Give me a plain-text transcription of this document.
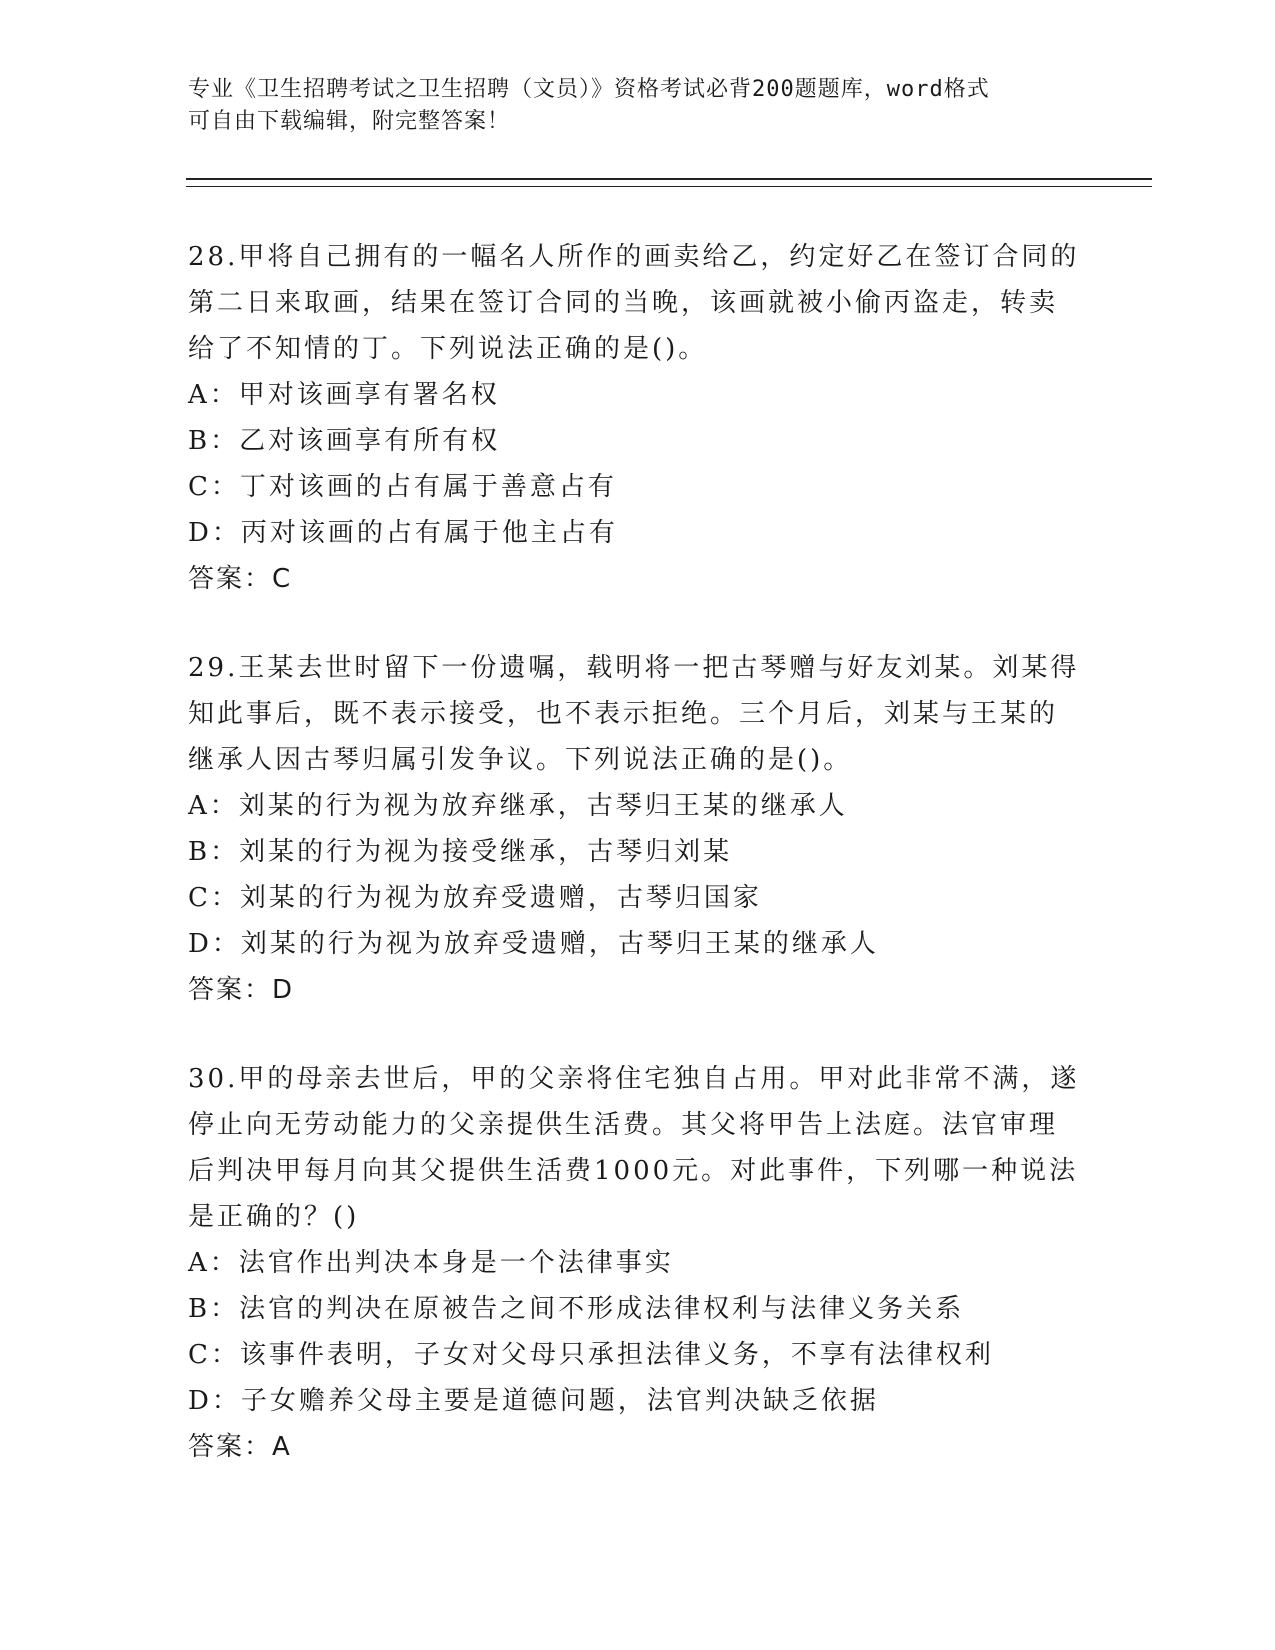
专业《卫生招聘考试之卫生招聘（文员）》资格考试必背200题题库，word格式
可自由下载编辑，附完整答案！

28.甲将自己拥有的一幅名人所作的画卖给乙，约定好乙在签订合同的

第二日来取画，结果在签订合同的当晚，该画就被小偷丙盗走，转卖

给了不知情的丁。下列说法正确的是()。

A：甲对该画享有署名权

B：乙对该画享有所有权

C：丁对该画的占有属于善意占有

D：丙对该画的占有属于他主占有

答案：C

29.王某去世时留下一份遗嘱，载明将一把古琴赠与好友刘某。刘某得

知此事后，既不表示接受，也不表示拒绝。三个月后，刘某与王某的

继承人因古琴归属引发争议。下列说法正确的是()。

A：刘某的行为视为放弃继承，古琴归王某的继承人

B：刘某的行为视为接受继承，古琴归刘某

C：刘某的行为视为放弃受遗赠，古琴归国家

D：刘某的行为视为放弃受遗赠，古琴归王某的继承人

答案：D

30.甲的母亲去世后，甲的父亲将住宅独自占用。甲对此非常不满，遂

停止向无劳动能力的父亲提供生活费。其父将甲告上法庭。法官审理

后判决甲每月向其父提供生活费1000元。对此事件，下列哪一种说法

是正确的？()

A：法官作出判决本身是一个法律事实

B：法官的判决在原被告之间不形成法律权利与法律义务关系

C：该事件表明，子女对父母只承担法律义务，不享有法律权利

D：子女赡养父母主要是道德问题，法官判决缺乏依据

答案：A
